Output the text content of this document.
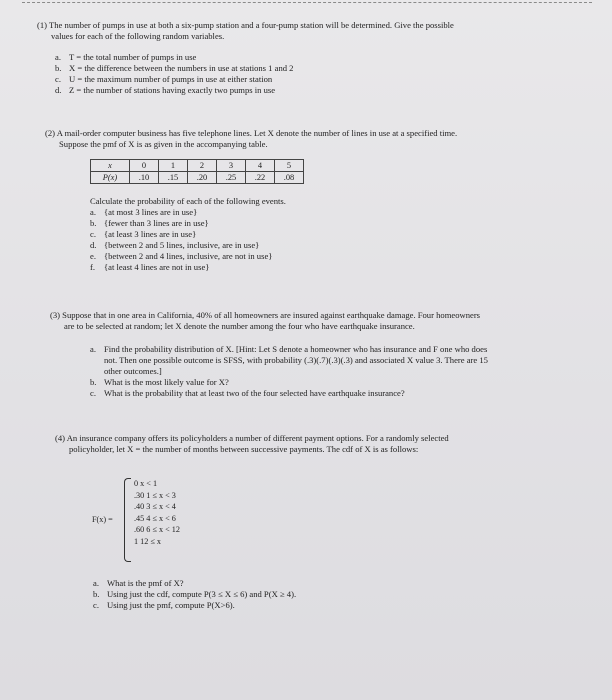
(1) The number of pumps in use at both a six-pump station and a four-pump station will be determined. Give the possible

values for each of the following random variables.

a. T = the total number of pumps in use
b. X = the difference between the numbers in use at stations 1 and 2
c. U = the maximum number of pumps in use at either station
d. Z = the number of stations having exactly two pumps in use

(2) A mail-order computer business has five telephone lines. Let X denote the number of lines in use at a specified time.

Suppose the pmf of X is as given in the accompanying table.

x	0	1	2	3	4	5
P(x)	.10	.15	.20	.25	.22	.08

Calculate the probability of each of the following events.

a. {at most 3 lines are in use}
b. {fewer than 3 lines are in use}
c. {at least 3 lines are in use}
d. {between 2 and 5 lines, inclusive, are in use}
e. {between 2 and 4 lines, inclusive, are not in use}
f.	{at least 4 lines are not in use}

(3) Suppose that in one area in California, 40% of all homeowners are insured against earthquake damage. Four homeowners

are to be selected at random; let X denote the number among the four who have earthquake insurance.

a. Find the probability distribution of X. [Hint: Let S denote a homeowner who has insurance and F one who does
not. Then one possible outcome is SFSS, with probability (.3)(.7)(.3)(.3) and associated X value 3. There are 15
other outcomes.]
b. What is the most likely value for X?
c. What is the probability that at least two of the four selected have earthquake insurance?

(4) An insurance company offers its policyholders a number of different payment options. For a randomly selected

policyholder, let X = the number of months between successive payments. The cdf of X is as follows:

F(x) =
0 x < 1
.30 1 ≤ x < 3
.40 3 ≤ x < 4
.45 4 ≤ x < 6
.60 6 ≤ x < 12
1 12 ≤ x
a. What is the pmf of X?
b. Using just the cdf, compute P(3 ≤ X ≤ 6) and P(X ≥ 4).
c. Using just the pmf, compute P(X>6).
